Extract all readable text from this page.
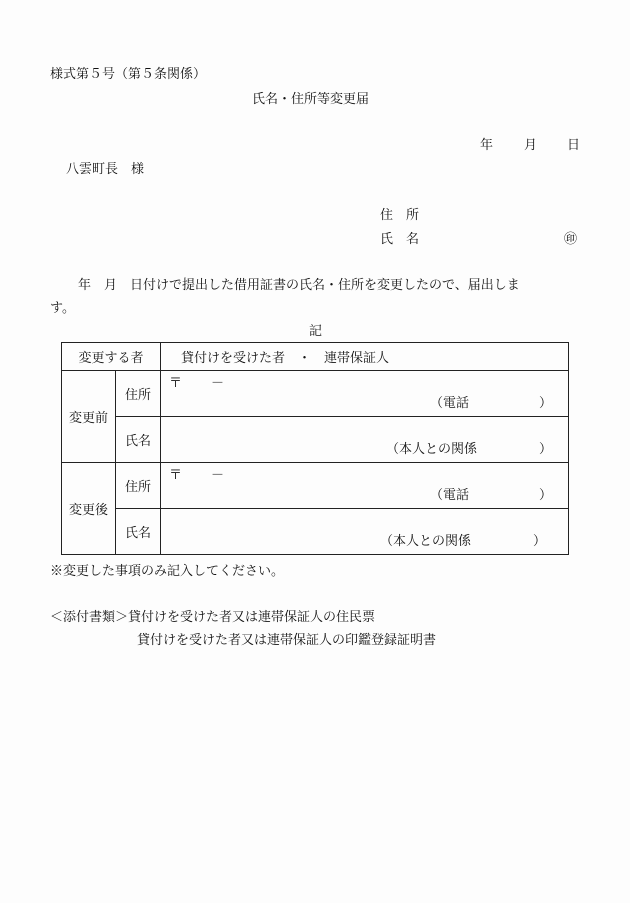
様式第５号（第５条関係）
氏名・住所等変更届
年 月 日
八雲町長　様
住　所
氏　名	㊞
年　月　日付けで提出した借用証書の氏名・住所を変更したので、届出しま
す。
記
変更する者		貸付けを受けた者　・　連帯保証人
変更前	住所	〒 －
（電話 ）

	氏名	（本人との関係 ）

変更後	住所	〒 －
（電話 ）

	氏名	（本人との関係 ）
※変更した事項のみ記入してください。
＜添付書類＞貸付けを受けた者又は連帯保証人の住民票
貸付けを受けた者又は連帯保証人の印鑑登録証明書
